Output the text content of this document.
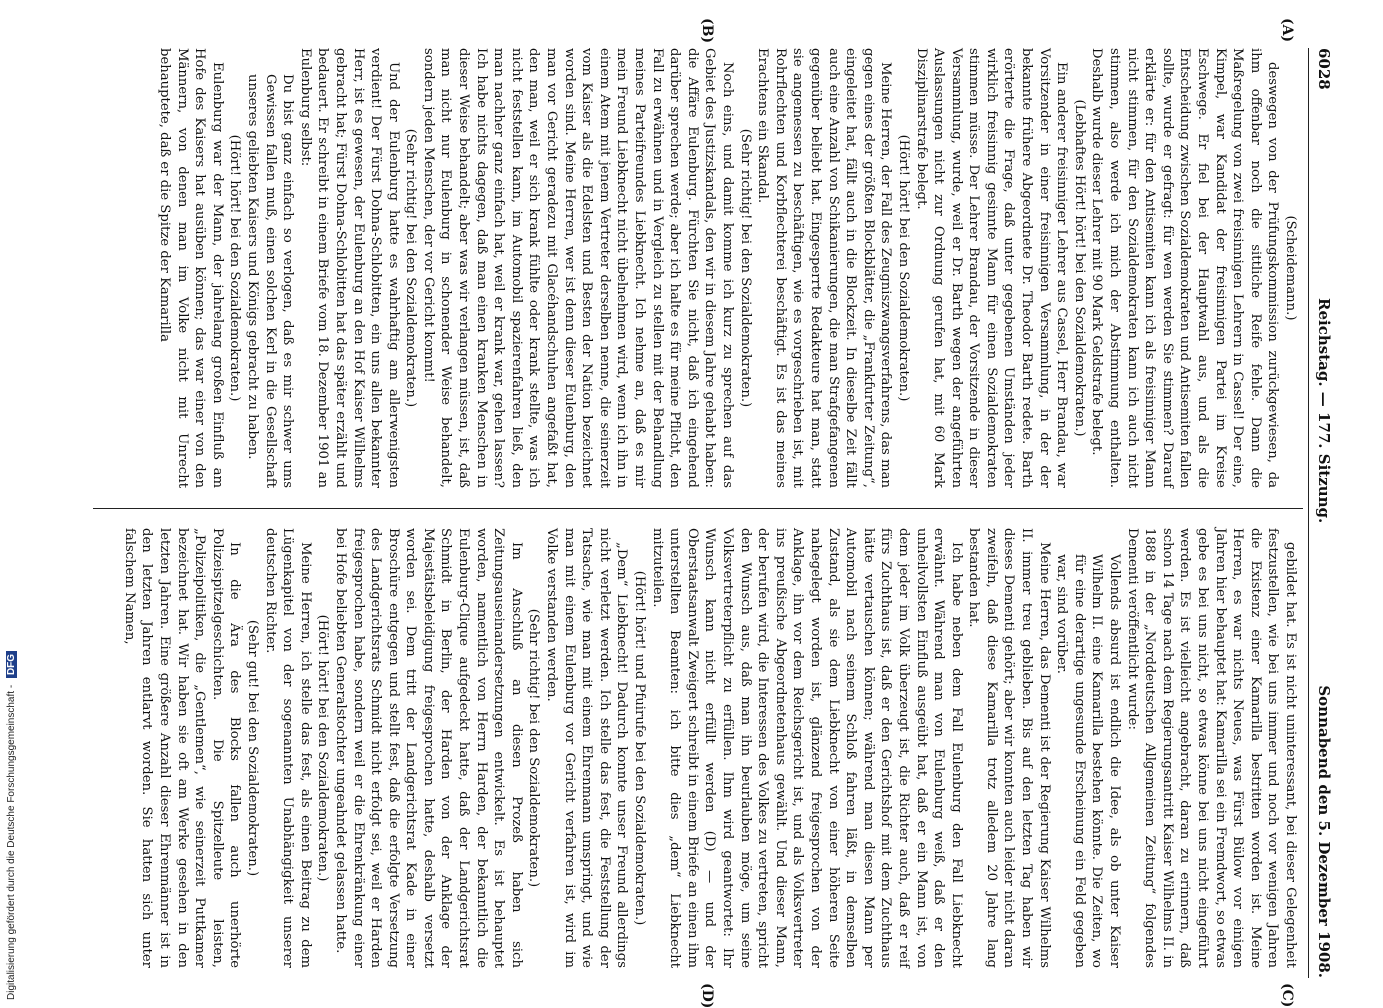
6028
Reichstag. — 177. Sitzung.
Sonnabend den 5. Dezember 1908.
(A)
(B)
(C)
(D)

(Scheidemann.)

deswegen von der Prüfungskommission zurückgewiesen, da ihm offenbar noch die sittliche Reife fehle. Dann die Maßregelung von zwei freisinnigen Lehrern in Cassel! Der eine, Kimpel, war Kandidat der freisinnigen Partei im Kreise Eschwege. Er fiel bei der Hauptwahl aus, und als die Entscheidung zwischen Sozialdemokraten und Antisemiten fallen sollte, wurde er gefragt: für wen werden Sie stimmen? Darauf erklärte er: für den Antisemiten kann ich als freisinniger Mann nicht stimmen, für den Sozialdemokraten kann ich auch nicht stimmen, also werde ich mich der Abstimmung enthalten. Deshalb wurde dieser Lehrer mit 90 Mark Geldstrafe belegt.

(Lebhaftes Hört! hört! bei den Sozialdemokraten.)

Ein anderer freisinniger Lehrer aus Cassel, Herr Brandau, war Vorsitzender in einer freisinnigen Versammlung, in der der bekannte frühere Abgeordnete Dr. Theodor Barth redete. Barth erörterte die Frage, daß unter gegebenen Umständen jeder wirklich freisinnig gesinnte Mann für einen Sozialdemokraten stimmen müsse. Der Lehrer Brandau, der Vorsitzende in dieser Versammlung, wurde, weil er Dr. Barth wegen der angeführten Auslassungen nicht zur Ordnung gerufen hat, mit 60 Mark Disziplinarstrafe belegt.

(Hört! hört! bei den Sozialdemokraten.)

Meine Herren, der Fall des Zeugniszwangsverfahrens, das man gegen eines der größten Blockblätter, die „Frankfurter Zeitung“, eingeleitet hat, fällt auch in die Blockzeit. In dieselbe Zeit fällt auch eine Anzahl von Schikanierungen, die man Strafgefangenen gegenüber beliebt hat. Eingesperrte Redakteure hat man, statt sie angemessen zu beschäftigen, wie es vorgeschrieben ist, mit Rohrflechten und Korbflechterei beschäftigt. Es ist das meines Erachtens ein Skandal.

(Sehr richtig! bei den Sozialdemokraten.)

Noch eins, und damit komme ich kurz zu sprechen auf das Gebiet des Justizskandals, den wir in diesem Jahre gehabt haben: die Affäre Eulenburg. Fürchten Sie nicht, daß ich eingehend darüber sprechen werde; aber ich halte es für meine Pflicht, den Fall zu erwähnen und in Vergleich zu stellen mit der Behandlung meines Parteifreundes Liebknecht. Ich nehme an, daß es mir mein Freund Liebknecht nicht übelnehmen wird, wenn ich ihn in einem Atem mit jenem Vertreter derselben nenne, die seinerzeit vom Kaiser als die Edelsten und Besten der Nation bezeichnet worden sind. Meine Herren, wer ist denn dieser Eulenburg, den man vor Gericht geradezu mit Glacéhandschuhen angefaßt hat, den man, weil er sich krank fühlte oder krank stellte, was ich nicht feststellen kann, im Automobil spazierenfahren ließ, den man nachher ganz einfach hat, weil er krank war, gehen lassen? Ich habe nichts dagegen, daß man einen kranken Menschen in dieser Weise behandelt; aber was wir verlangen müssen, ist, daß man nicht nur Eulenburg in schonender Weise behandelt, sondern jeden Menschen, der vor Gericht kommt!

(Sehr richtig! bei den Sozialdemokraten.)

Und der Eulenburg hatte es wahrhaftig am allerwenigsten verdient! Der Fürst Dohna-Schlobitten, ein uns allen bekannter Herr, ist es gewesen, der Eulenburg an den Hof Kaiser Wilhelms gebracht hat; Fürst Dohna-Schlobitten hat das später erzählt und bedauert. Er schreibt in einem Briefe vom 18. Dezember 1901 an Eulenburg selbst:

Du bist ganz einfach so verlogen, daß es mir schwer ums Gewissen fallen muß, einen solchen Kerl in die Gesellschaft unseres geliebten Kaisers und Königs gebracht zu haben.

(Hört! hört! bei den Sozialdemokraten.)

Eulenburg war der Mann, der jahrelang großen Einfluß am Hofe des Kaisers hat ausüben können; das war einer von den Männern, von denen man im Volke nicht mit Unrecht behauptete, daß er die Spitze der Kamarilla

gebildet hat. Es ist nicht uninteressant, bei dieser Gelegenheit festzustellen, wie bei uns immer und noch vor wenigen Jahren die Existenz einer Kamarilla bestritten worden ist. Meine Herren, es war nichts Neues, was Fürst Bülow vor einigen Jahren hier behauptet hat: Kamarilla sei ein Fremdwort, so etwas gebe es bei uns nicht, so etwas könne bei uns nicht eingeführt werden. Es ist vielleicht angebracht, daran zu erinnern, daß schon 14 Tage nach dem Regierungsantritt Kaiser Wilhelms II. in 1888 in der „Norddeutschen Allgemeinen Zeitung“ folgendes Dementi veröffentlicht wurde:

Vollends absurd ist endlich die Idee, als ob unter Kaiser Wilhelm II. eine Kamarilla bestehen könnte. Die Zeiten, wo für eine derartige ungesunde Erscheinung ein Feld gegeben war, sind vorüber.

Meine Herren, das Dementi ist der Regierung Kaiser Wilhelms II. immer treu geblieben. Bis auf den letzten Tag haben wir dieses Dementi gehört; aber wir konnten auch leider nicht daran zweifeln, daß diese Kamarilla trotz alledem 20 Jahre lang bestanden hat.

Ich habe neben dem Fall Eulenburg den Fall Liebknecht erwähnt. Während man von Eulenburg weiß, daß er den unheilvollsten Einfluß ausgeübt hat, daß er ein Mann ist, von dem jeder im Volk überzeugt ist, die Richter auch, daß er reif fürs Zuchthaus ist, daß er den Gerichtshof mit dem Zuchthaus hätte vertauschen können; während man diesen Mann per Automobil nach seinem Schloß fahren läßt, in demselben Zustand, als sie dem Liebknecht von einer höheren Seite nahegelegt worden ist, glänzend freigesprochen von der Anklage, ihn vor dem Reichsgericht ist, und als Volksvertreter ins preußische Abgeordnetenhaus gewählt. Und dieser Mann, der berufen wird, die Interessen des Volkes zu vertreten, spricht den Wunsch aus, daß man ihn beurlauben möge, um seine Volksvertreterpflicht zu erfüllen. Ihm wird geantwortet: Ihr Wunsch kann nicht erfüllt werden (D) — und der Oberstaatsanwalt Zweigert schreibt in einem Briefe an einen ihm unterstellten Beamten: ich bitte dies „dem“ Liebknecht mitzuteilen.

(Hört! hört! und Pfuirufe bei den Sozialdemokraten.)

„Dem“ Liebknecht! Dadurch konnte unser Freund allerdings nicht verletzt werden. Ich stelle das fest, die Feststellung der Tatsache, wie man mit einem Ehrenmann umspringt, und wie man mit einem Eulenburg vor Gericht verfahren ist, wird im Volke verstanden werden.

(Sehr richtig! bei den Sozialdemokraten.)

Im Anschluß an diesen Prozeß haben sich Zeitungsauseinandersetzungen entwickelt. Es ist behauptet worden, namentlich von Herrn Harden, der bekanntlich die Eulenburg-Clique aufgedeckt hatte, daß der Landgerichtsrat Schmidt in Berlin, der Harden von der Anklage der Majestätsbeleidigung freigesprochen hatte, deshalb versetzt worden sei. Dem tritt der Landgerichtsrat Kade in einer Broschüre entgegen und stellt fest, daß die erfolgte Versetzung des Landgerichtsrats Schmidt nicht erfolgt sei, weil er Harden freigesprochen habe, sondern weil er die Ehrenkränkung einer bei Hofe beliebten Generalstochter ungeahndet gelassen hatte.

(Hört! hört! bei den Sozialdemokraten.)

Meine Herren, ich stelle das fest, als einen Beitrag zu dem Lügenkapitel von der sogenannten Unabhängigkeit unserer deutschen Richter.

(Sehr gut! bei den Sozialdemokraten.)

In die Ära des Blocks fallen auch unerhörte Polizeispitzelgeschichten. Die Spitzelleute leisten, „Polizeipolitiken, die „Gentlemen“, wie seinerzeit Puttkamer bezeichnet hat. Wir haben sie oft am Werke gesehen in den letzten Jahren. Eine größere Anzahl dieser Ehrenmänner ist in den letzten Jahren entlarvt worden. Sie hatten sich unter falschem Namen,

Digitalisierung gefördert durch die Deutsche Forschungsgemeinschaft - DFG
